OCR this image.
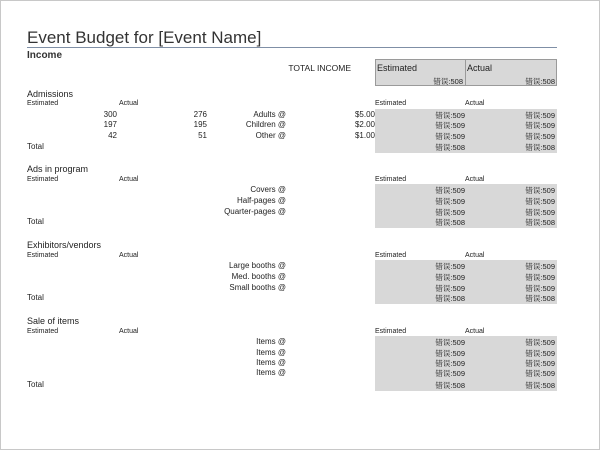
Event Budget for [Event Name]
Income
TOTAL INCOME	Estimated	Actual
错误:508	错误:508
Admissions
Estimated	Actual	Estimated	Actual
300	276	Adults @	$5.00	错误:509	错误:509
197	195	Children @	$2.00	错误:509	错误:509
42	51	Other @	$1.00	错误:509	错误:509
Total	错误:508	错误:508
Ads in program
Estimated	Actual	Estimated	Actual
Covers @	错误:509	错误:509
Half-pages @	错误:509	错误:509
Quarter-pages @	错误:509	错误:509
Total	错误:508	错误:508
Exhibitors/vendors
Estimated	Actual	Estimated	Actual
Large booths @	错误:509	错误:509
Med. booths @	错误:509	错误:509
Small booths @	错误:509	错误:509
Total	错误:508	错误:508
Sale of items
Estimated	Actual	Estimated	Actual
Items @	错误:509	错误:509
Items @	错误:509	错误:509
Items @	错误:509	错误:509
Items @	错误:509	错误:509
Total	错误:508	错误:508
